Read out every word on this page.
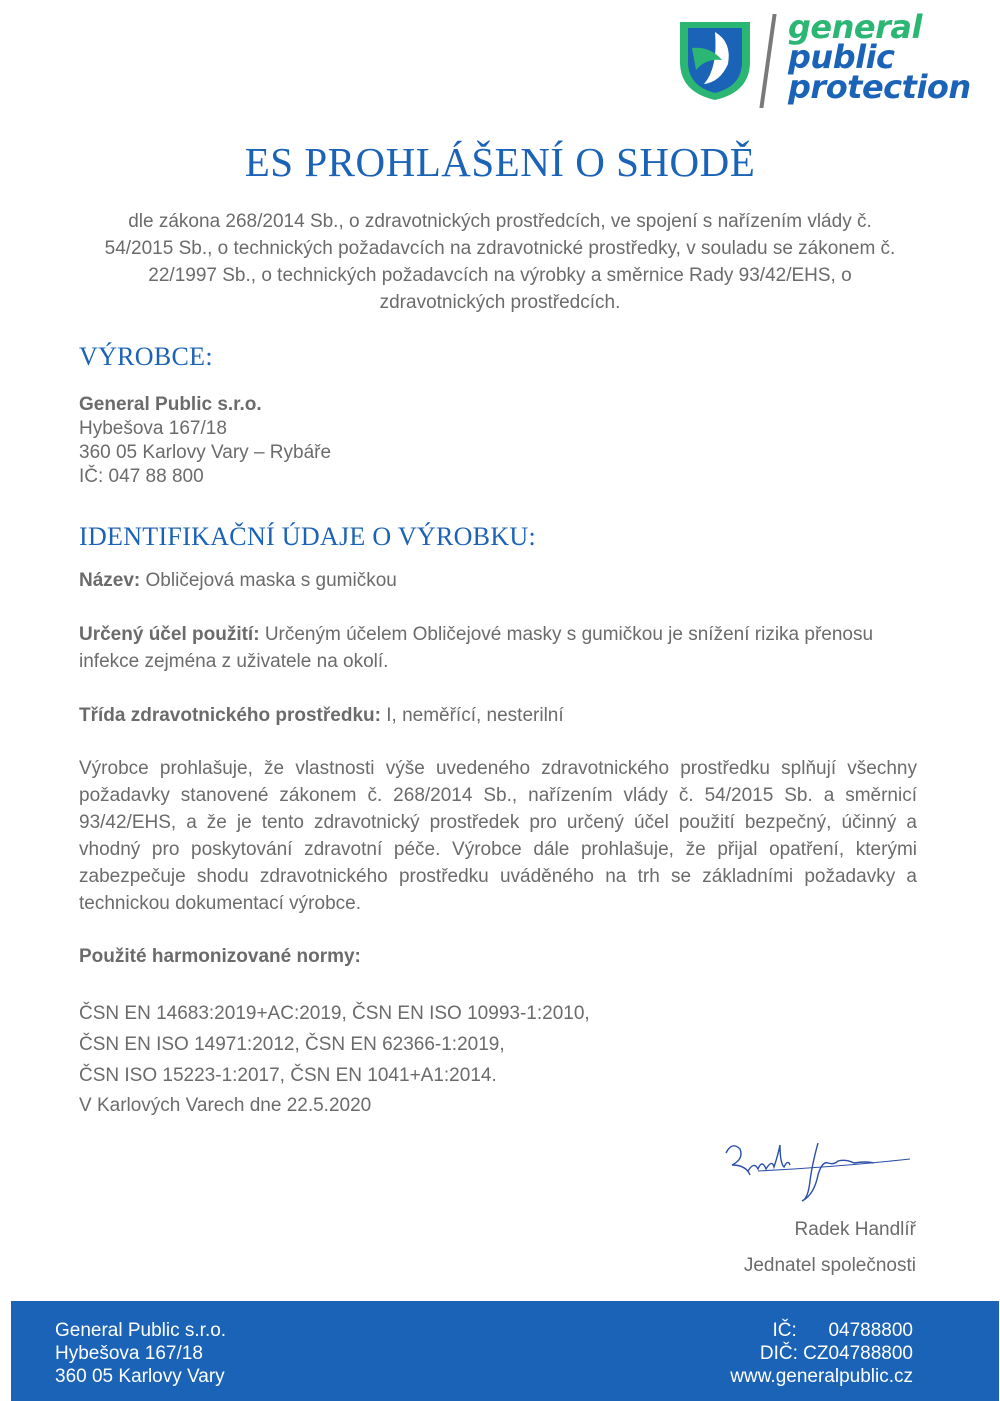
general
public
protection
ES PROHLÁŠENÍ O SHODĚ
dle zákona 268/2014 Sb., o zdravotnických prostředcích, ve spojení s nařízením vlády č. 54/2015 Sb., o technických požadavcích na zdravotnické prostředky, v souladu se zákonem č. 22/1997 Sb., o technických požadavcích na výrobky a směrnice Rady 93/42/EHS, o zdravotnických prostředcích.
VÝROBCE:
General Public s.r.o.
Hybešova 167/18
360 05 Karlovy Vary – Rybáře
IČ: 047 88 800
IDENTIFIKAČNÍ ÚDAJE O VÝROBKU:
Název: Obličejová maska s gumičkou
Určený účel použití: Určeným účelem Obličejové masky s gumičkou je snížení rizika přenosu infekce zejména z uživatele na okolí.
Třída zdravotnického prostředku: I, neměřící, nesterilní
Výrobce prohlašuje, že vlastnosti výše uvedeného zdravotnického prostředku splňují všechny požadavky stanovené zákonem č. 268/2014 Sb., nařízením vlády č. 54/2015 Sb. a směrnicí 93/42/EHS, a že je tento zdravotnický prostředek pro určený účel použití bezpečný, účinný a vhodný pro poskytování zdravotní péče. Výrobce dále prohlašuje, že přijal opatření, kterými zabezpečuje shodu zdravotnického prostředku uváděného na trh se základními požadavky a technickou dokumentací výrobce.
Použité harmonizované normy:
ČSN EN 14683:2019+AC:2019, ČSN EN ISO 10993-1:2010,
ČSN EN ISO 14971:2012, ČSN EN 62366-1:2019,
ČSN ISO 15223-1:2017, ČSN EN 1041+A1:2014.
V Karlových Varech dne 22.5.2020
Radek Handlíř
Jednatel společnosti
General Public s.r.o.
Hybešova 167/18
360 05 Karlovy Vary
IČ:      04788800
DIČ: CZ04788800
www.generalpublic.cz
